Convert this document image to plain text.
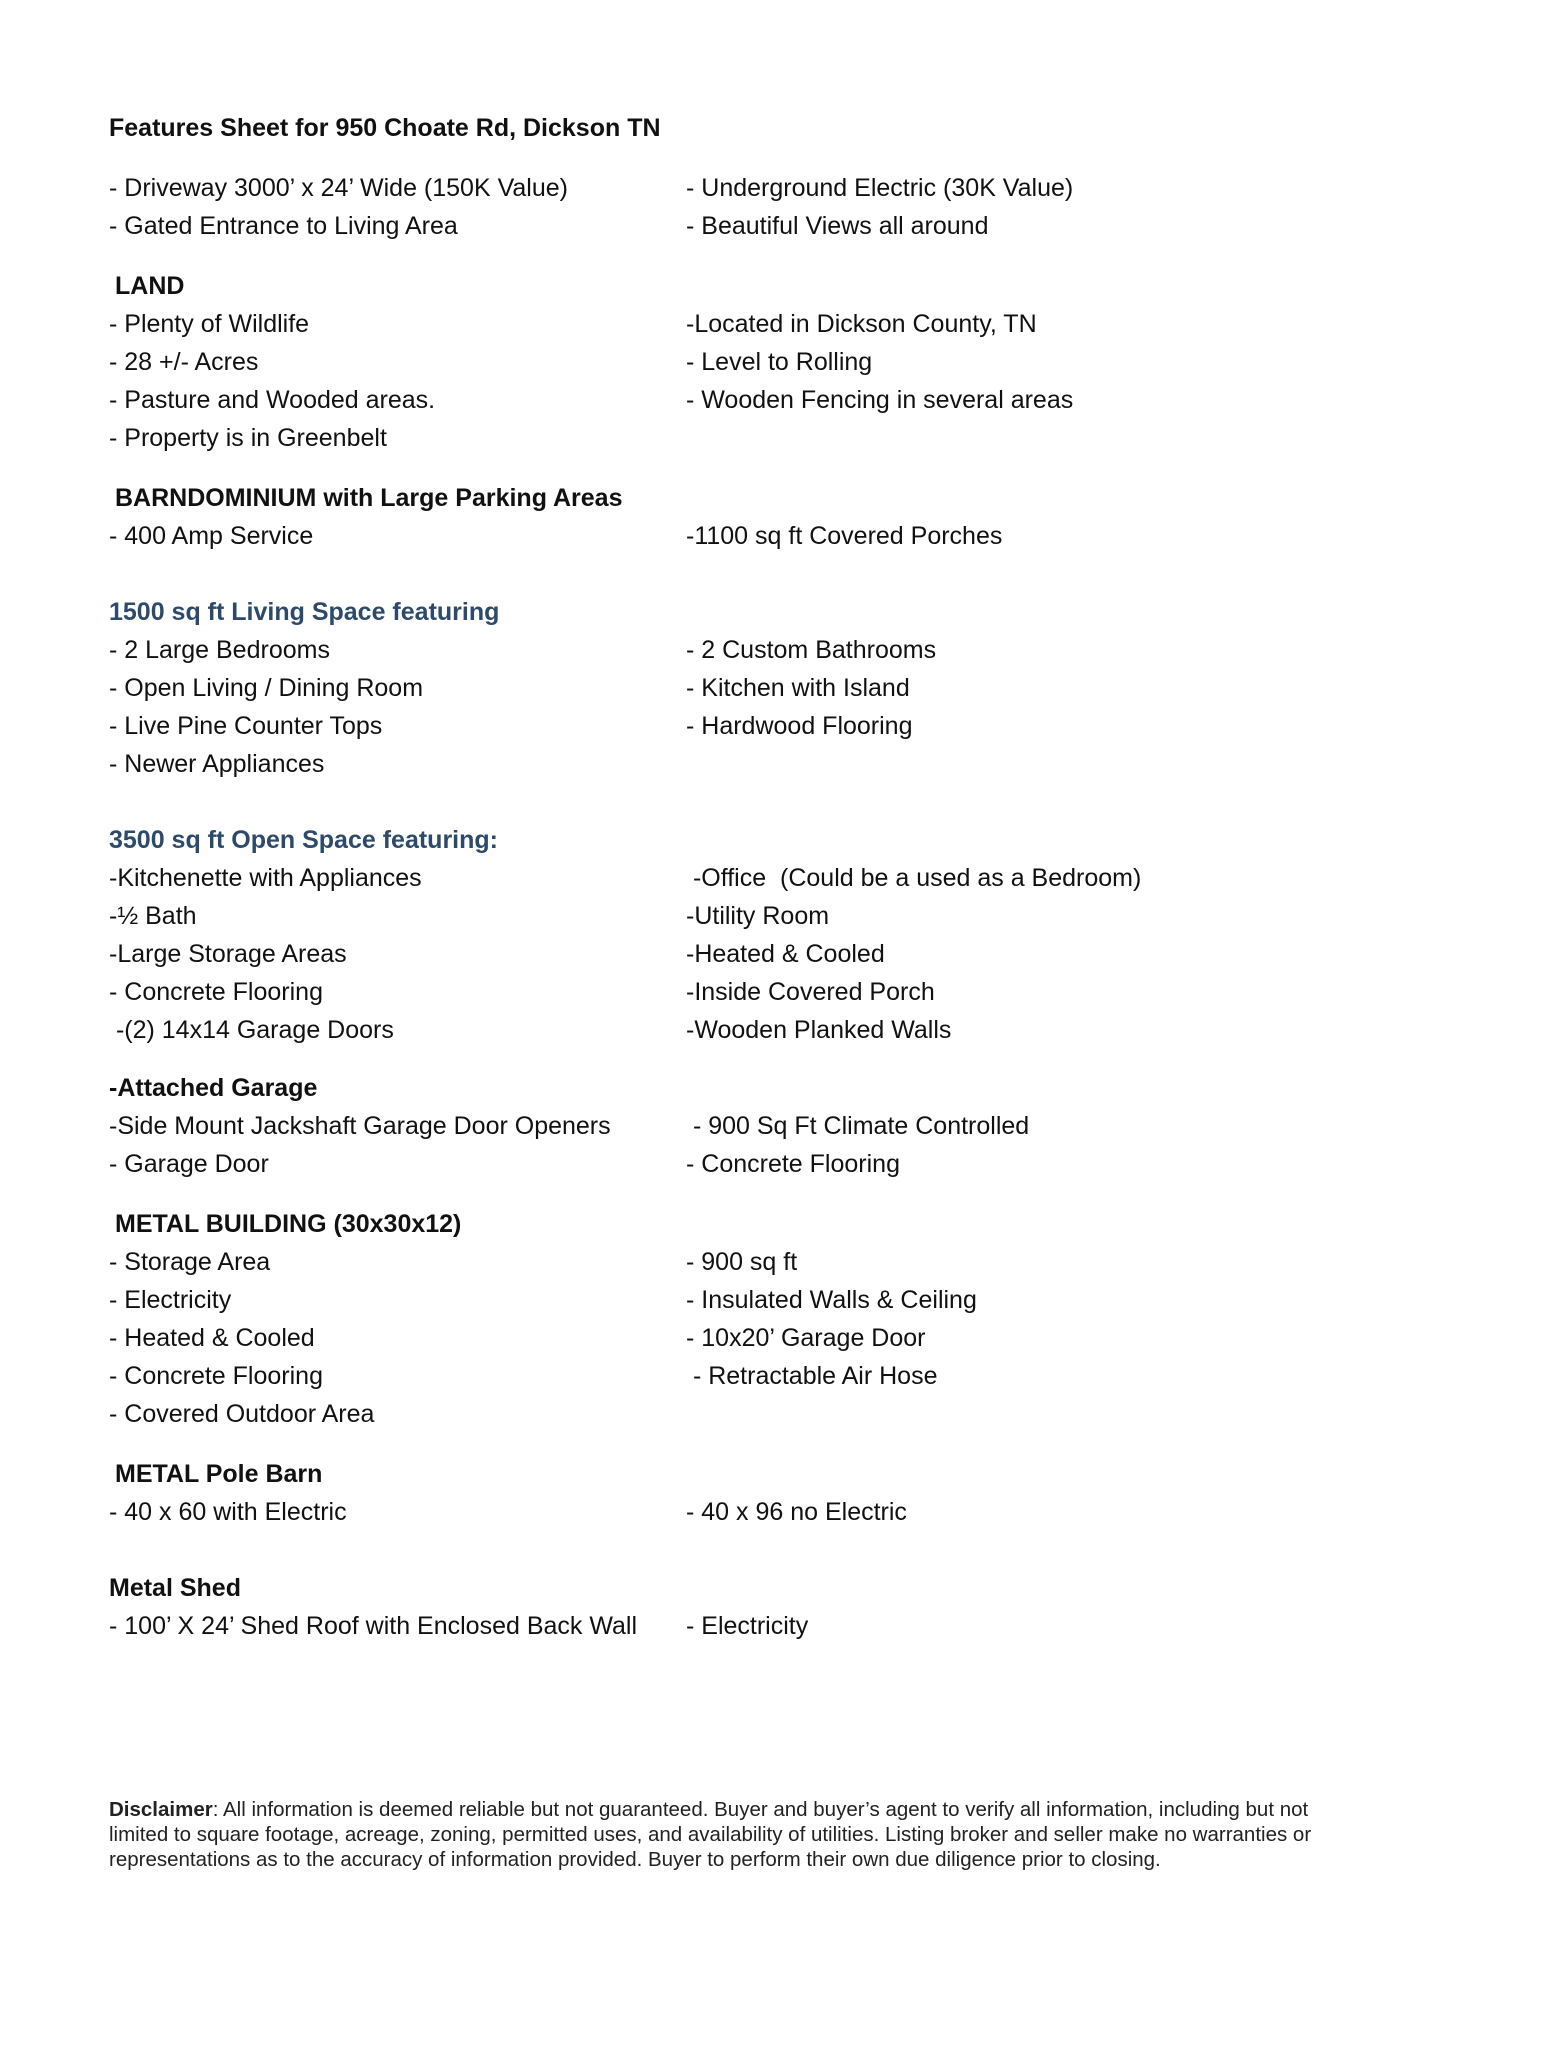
Features Sheet for 950 Choate Rd, Dickson TN
- Driveway 3000’ x 24’ Wide (150K Value)
- Gated Entrance to Living Area
- Underground Electric (30K Value)
- Beautiful Views all around
LAND
- Plenty of Wildlife
- 28 +/- Acres
- Pasture and Wooded areas.
- Property is in Greenbelt
-Located in Dickson County, TN
- Level to Rolling
- Wooden Fencing in several areas
BARNDOMINIUM with Large Parking Areas
- 400 Amp Service	-1100 sq ft Covered Porches
1500 sq ft Living Space featuring
- 2 Large Bedrooms
- Open Living / Dining Room
- Live Pine Counter Tops
- Newer Appliances
- 2 Custom Bathrooms
- Kitchen with Island
- Hardwood Flooring
3500 sq ft Open Space featuring:
-Kitchenette with Appliances
-½ Bath
-Large Storage Areas
- Concrete Flooring
-(2) 14x14 Garage Doors
-Office  (Could be a used as a Bedroom)
-Utility Room
-Heated & Cooled
-Inside Covered Porch
-Wooden Planked Walls
-Attached Garage
-Side Mount Jackshaft Garage Door Openers
- Garage Door
- 900 Sq Ft Climate Controlled
- Concrete Flooring
METAL BUILDING (30x30x12)
- Storage Area
- Electricity
- Heated & Cooled
- Concrete Flooring
- Covered Outdoor Area
- 900 sq ft
- Insulated Walls & Ceiling
- 10x20’ Garage Door
- Retractable Air Hose
METAL Pole Barn
- 40 x 60 with Electric	- 40 x 96 no Electric
Metal Shed
- 100’ X 24’ Shed Roof with Enclosed Back Wall - Electricity
Disclaimer: All information is deemed reliable but not guaranteed. Buyer and buyer’s agent to verify all information, including but not limited to square footage, acreage, zoning, permitted uses, and availability of utilities. Listing broker and seller make no warranties or representations as to the accuracy of information provided. Buyer to perform their own due diligence prior to closing.
